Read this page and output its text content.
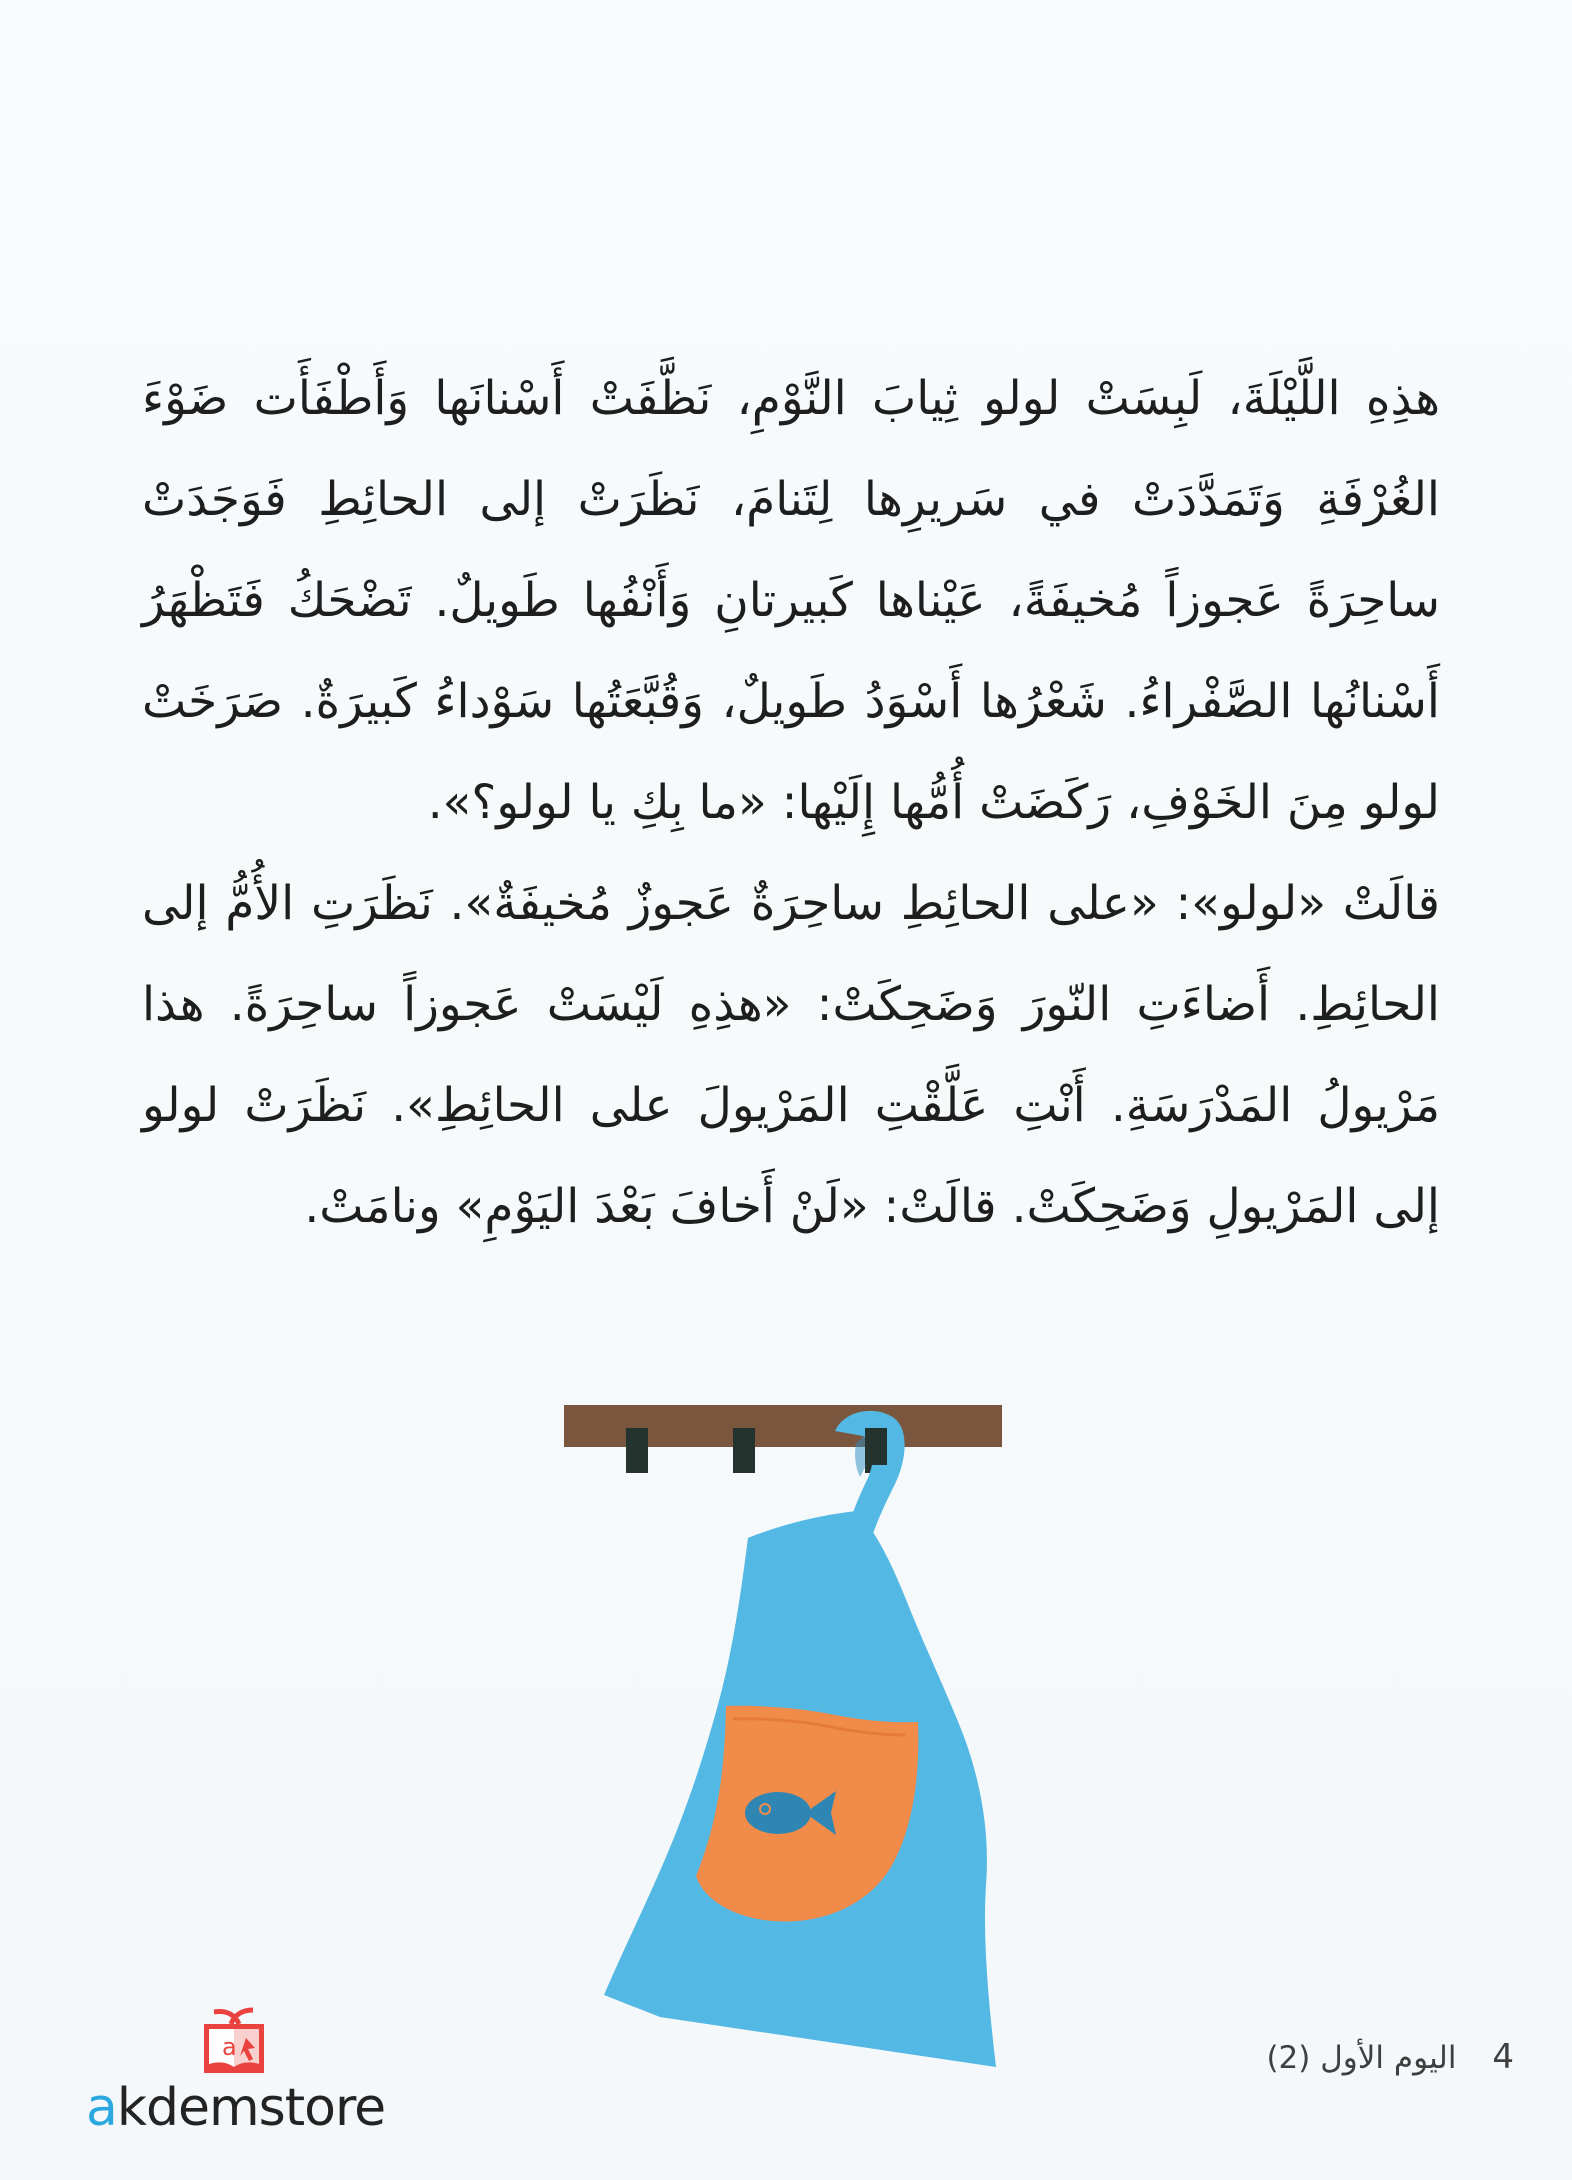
هذِهِ اللَّيْلَةَ، لَبِسَتْ لولو ثِيابَ النَّوْمِ، نَظَّفَتْ أَسْنانَها وَأَطْفَأَت ضَوْءَ الغُرْفَةِ وَتَمَدَّدَتْ في سَريرِها لِتَنامَ، نَظَرَتْ إلى الحائِطِ فَوَجَدَتْ ساحِرَةً عَجوزاً مُخيفَةً، عَيْناها كَبيرتانِ وَأَنْفُها طَويلٌ. تَضْحَكُ فَتَظْهَرُ أَسْنانُها الصَّفْراءُ. شَعْرُها أَسْوَدُ طَويلٌ، وَقُبَّعَتُها سَوْداءُ كَبيرَةٌ. صَرَخَتْ لولو مِنَ الخَوْفِ، رَكَضَتْ أُمُّها إِلَيْها: «ما بِكِ يا لولو؟».

قالَتْ «لولو»: «على الحائِطِ ساحِرَةٌ عَجوزٌ مُخيفَةٌ». نَظَرَتِ الأُمُّ إلى الحائِطِ. أَضاءَتِ النّورَ وَضَحِكَتْ: «هذِهِ لَيْسَتْ عَجوزاً ساحِرَةً. هذا مَرْيولُ المَدْرَسَةِ. أَنْتِ عَلَّقْتِ المَرْيولَ على الحائِطِ». نَظَرَتْ لولو إلى المَرْيولِ وَضَحِكَتْ. قالَتْ: «لَنْ أَخافَ بَعْدَ اليَوْمِ» ونامَتْ.

4 اليوم الأول (2)
a
akdemstore
